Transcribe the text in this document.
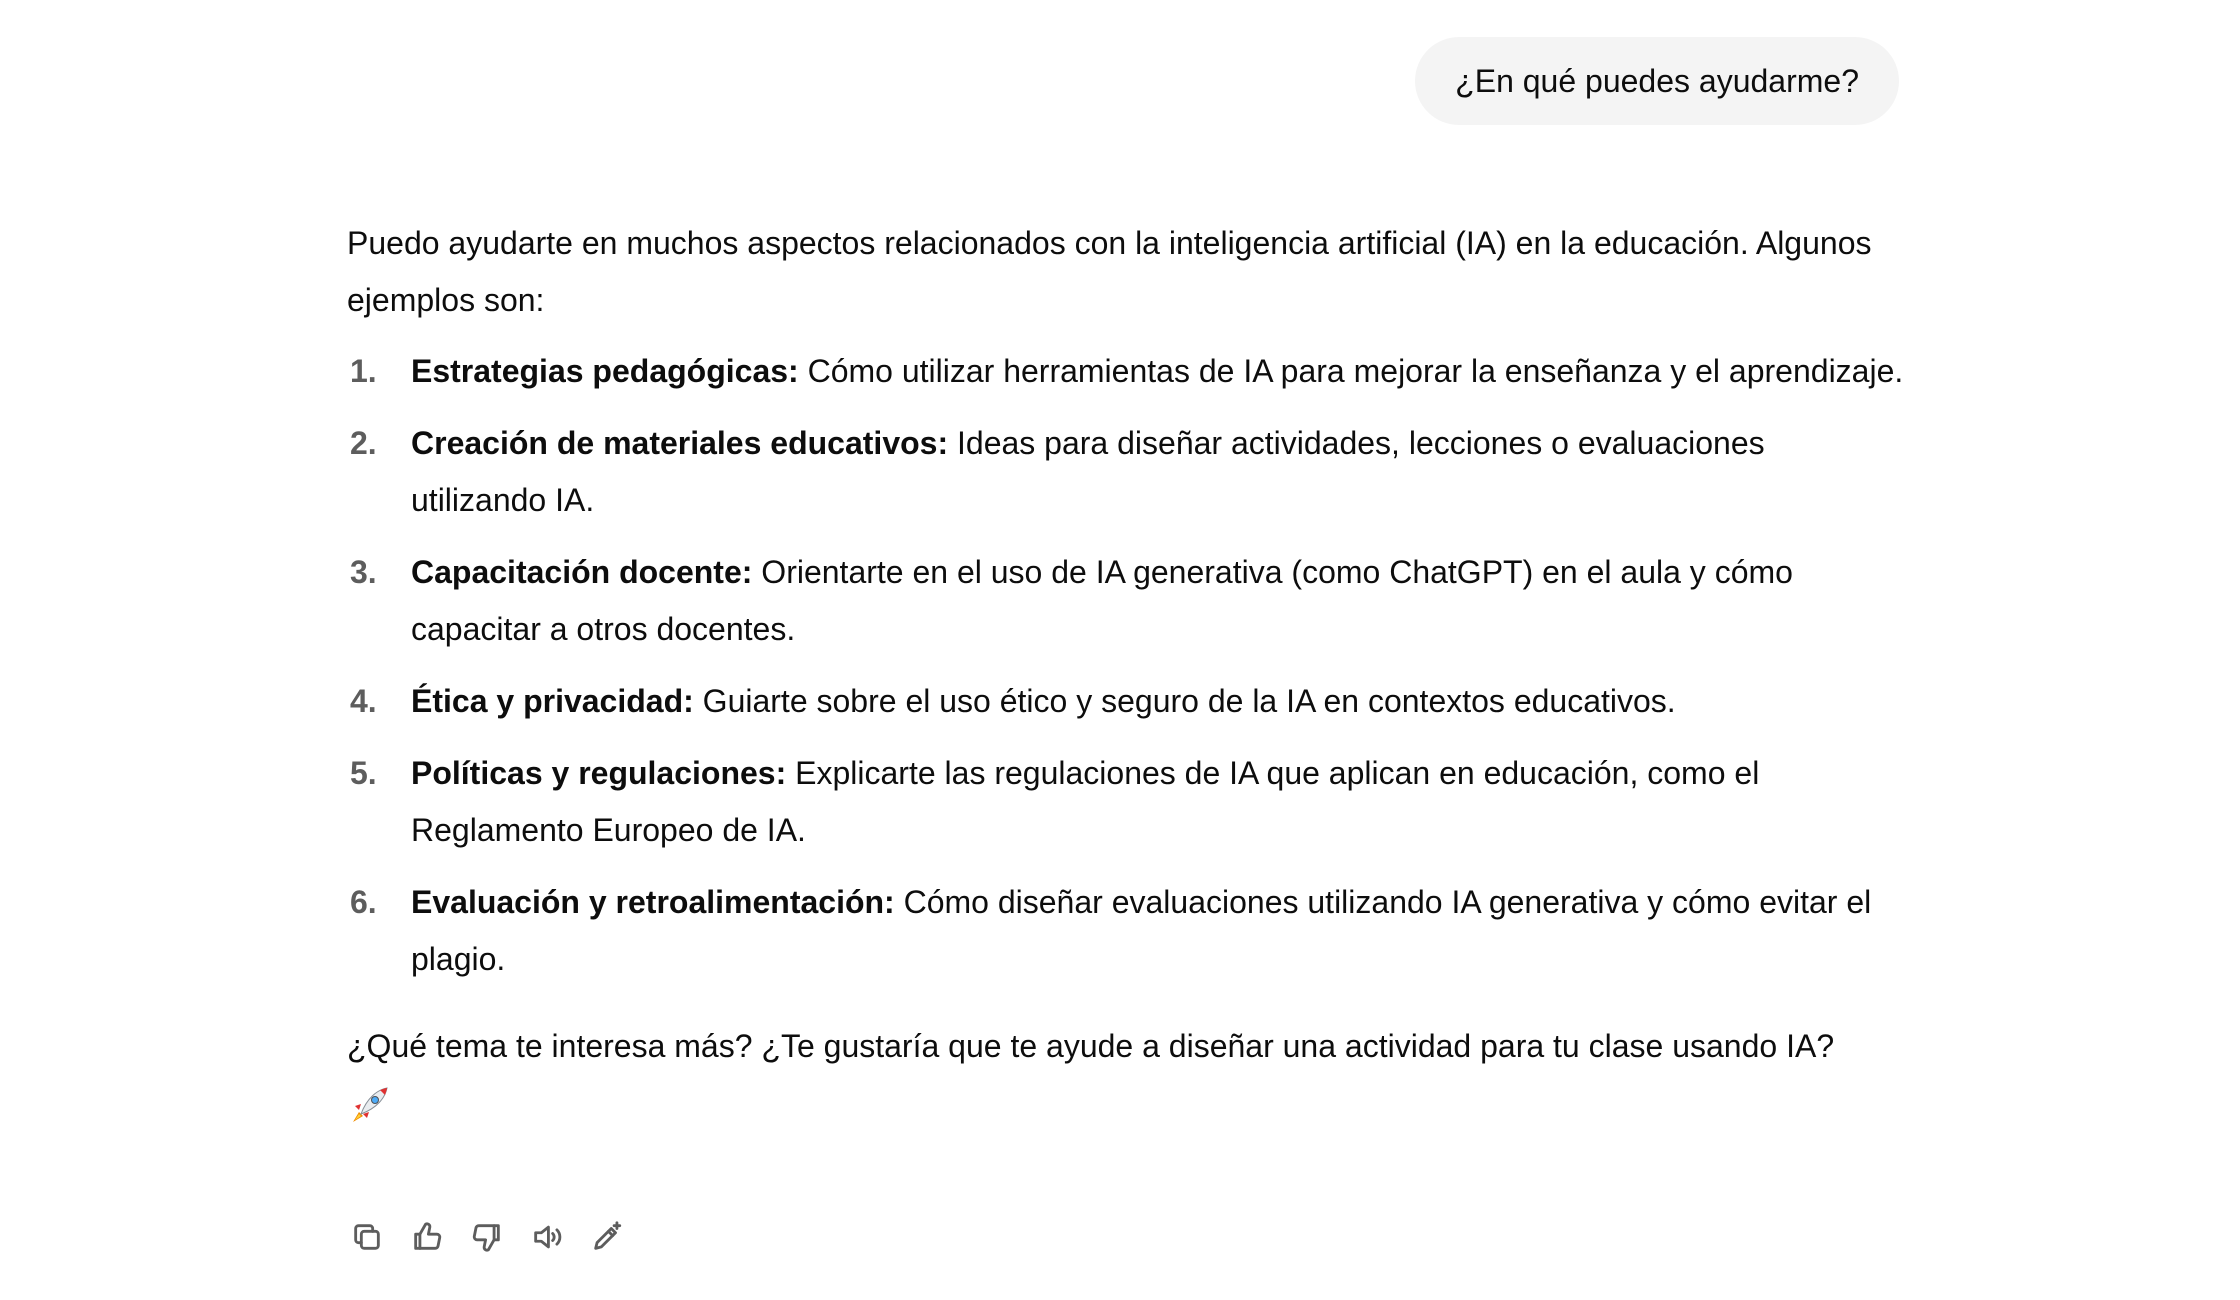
¿En qué puedes ayudarme?

Puedo ayudarte en muchos aspectos relacionados con la inteligencia artificial (IA) en la educación. Algunos ejemplos son:

1. Estrategias pedagógicas: Cómo utilizar herramientas de IA para mejorar la enseñanza y el aprendizaje.
2. Creación de materiales educativos: Ideas para diseñar actividades, lecciones o evaluaciones utilizando IA.
3. Capacitación docente: Orientarte en el uso de IA generativa (como ChatGPT) en el aula y cómo capacitar a otros docentes.
4. Ética y privacidad: Guiarte sobre el uso ético y seguro de la IA en contextos educativos.
5. Políticas y regulaciones: Explicarte las regulaciones de IA que aplican en educación, como el Reglamento Europeo de IA.
6. Evaluación y retroalimentación: Cómo diseñar evaluaciones utilizando IA generativa y cómo evitar el plagio.

¿Qué tema te interesa más? ¿Te gustaría que te ayude a diseñar una actividad para tu clase usando IA?
